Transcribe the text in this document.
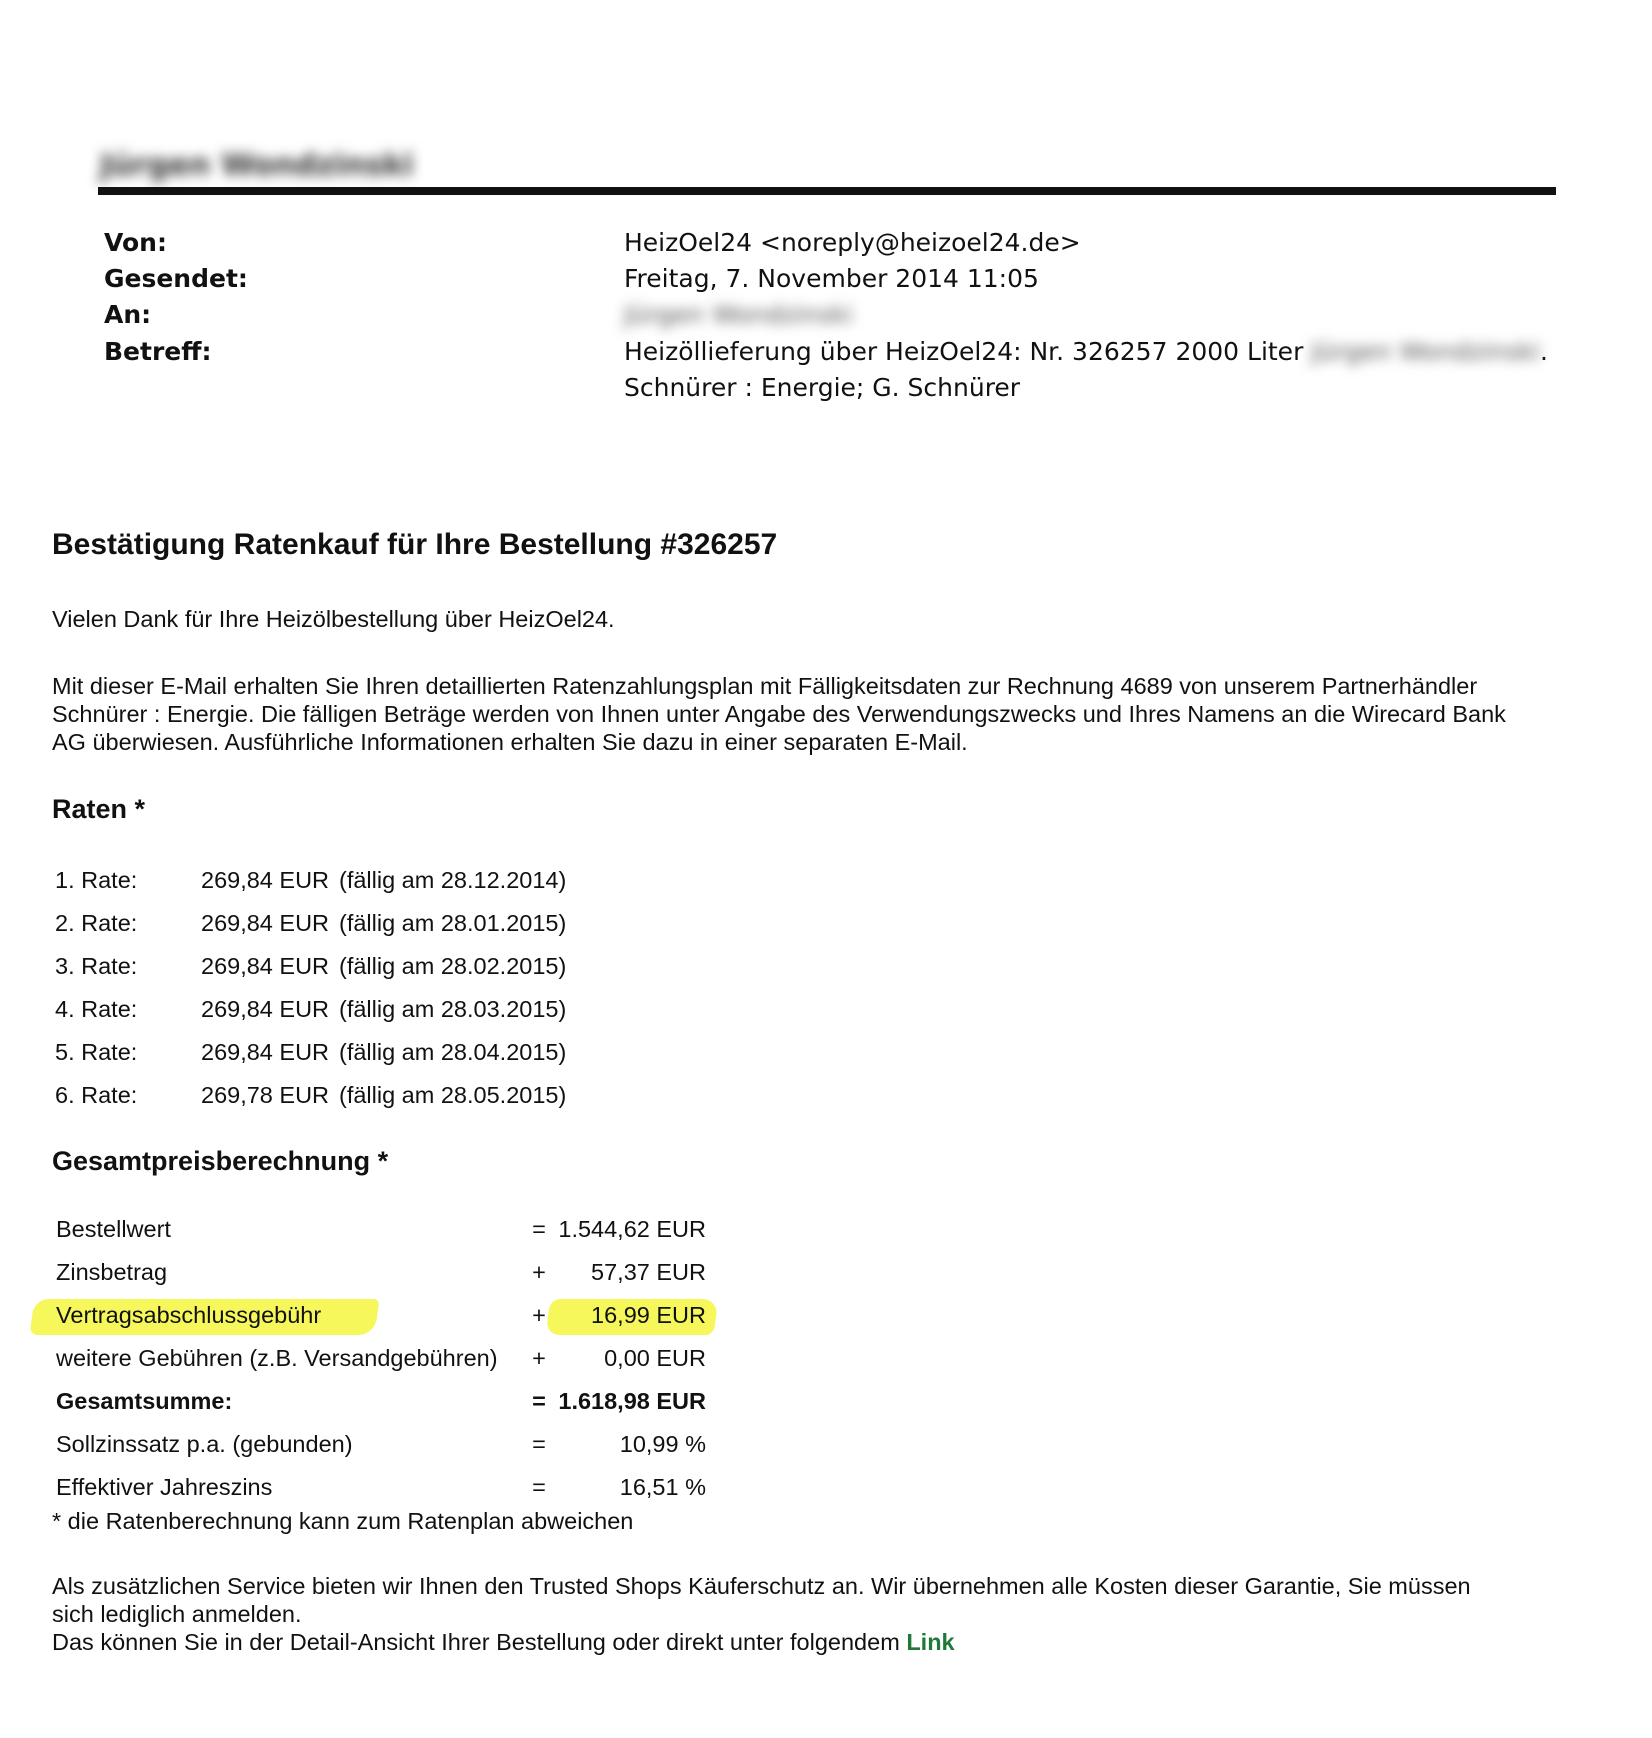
Jürgen Wondzinski
Von:	HeizOel24 <noreply@heizoel24.de>
Gesendet:	Freitag, 7. November 2014 11:05
An:	Jürgen Wondzinski
Betreff:	Heizöllieferung über HeizOel24: Nr. 326257 2000 Liter Jürgen Wondzinski.
Schnürer : Energie; G. Schnürer
Bestätigung Ratenkauf für Ihre Bestellung #326257
Vielen Dank für Ihre Heizölbestellung über HeizOel24.
Mit dieser E-Mail erhalten Sie Ihren detaillierten Ratenzahlungsplan mit Fälligkeitsdaten zur Rechnung 4689 von unserem Partnerhändler
Schnürer : Energie. Die fälligen Beträge werden von Ihnen unter Angabe des Verwendungszwecks und Ihres Namens an die Wirecard Bank
AG überwiesen. Ausführliche Informationen erhalten Sie dazu in einer separaten E-Mail.
Raten *
1. Rate:	269,84 EUR (fällig am 28.12.2014)
2. Rate:	269,84 EUR (fällig am 28.01.2015)
3. Rate:	269,84 EUR (fällig am 28.02.2015)
4. Rate:	269,84 EUR (fällig am 28.03.2015)
5. Rate:	269,84 EUR (fällig am 28.04.2015)
6. Rate:	269,78 EUR (fällig am 28.05.2015)
Gesamtpreisberechnung *
Bestellwert	= 1.544,62 EUR
Zinsbetrag	+ 57,37 EUR
Vertragsabschlussgebühr	+ 16,99 EUR
weitere Gebühren (z.B. Versandgebühren) + 0,00 EUR
Gesamtsumme:	= 1.618,98 EUR
Sollzinssatz p.a. (gebunden)	=	10,99 %
Effektiver Jahreszins	=	16,51 %
* die Ratenberechnung kann zum Ratenplan abweichen
Als zusätzlichen Service bieten wir Ihnen den Trusted Shops Käuferschutz an. Wir übernehmen alle Kosten dieser Garantie, Sie müssen
sich lediglich anmelden.
Das können Sie in der Detail-Ansicht Ihrer Bestellung oder direkt unter folgendem Link
